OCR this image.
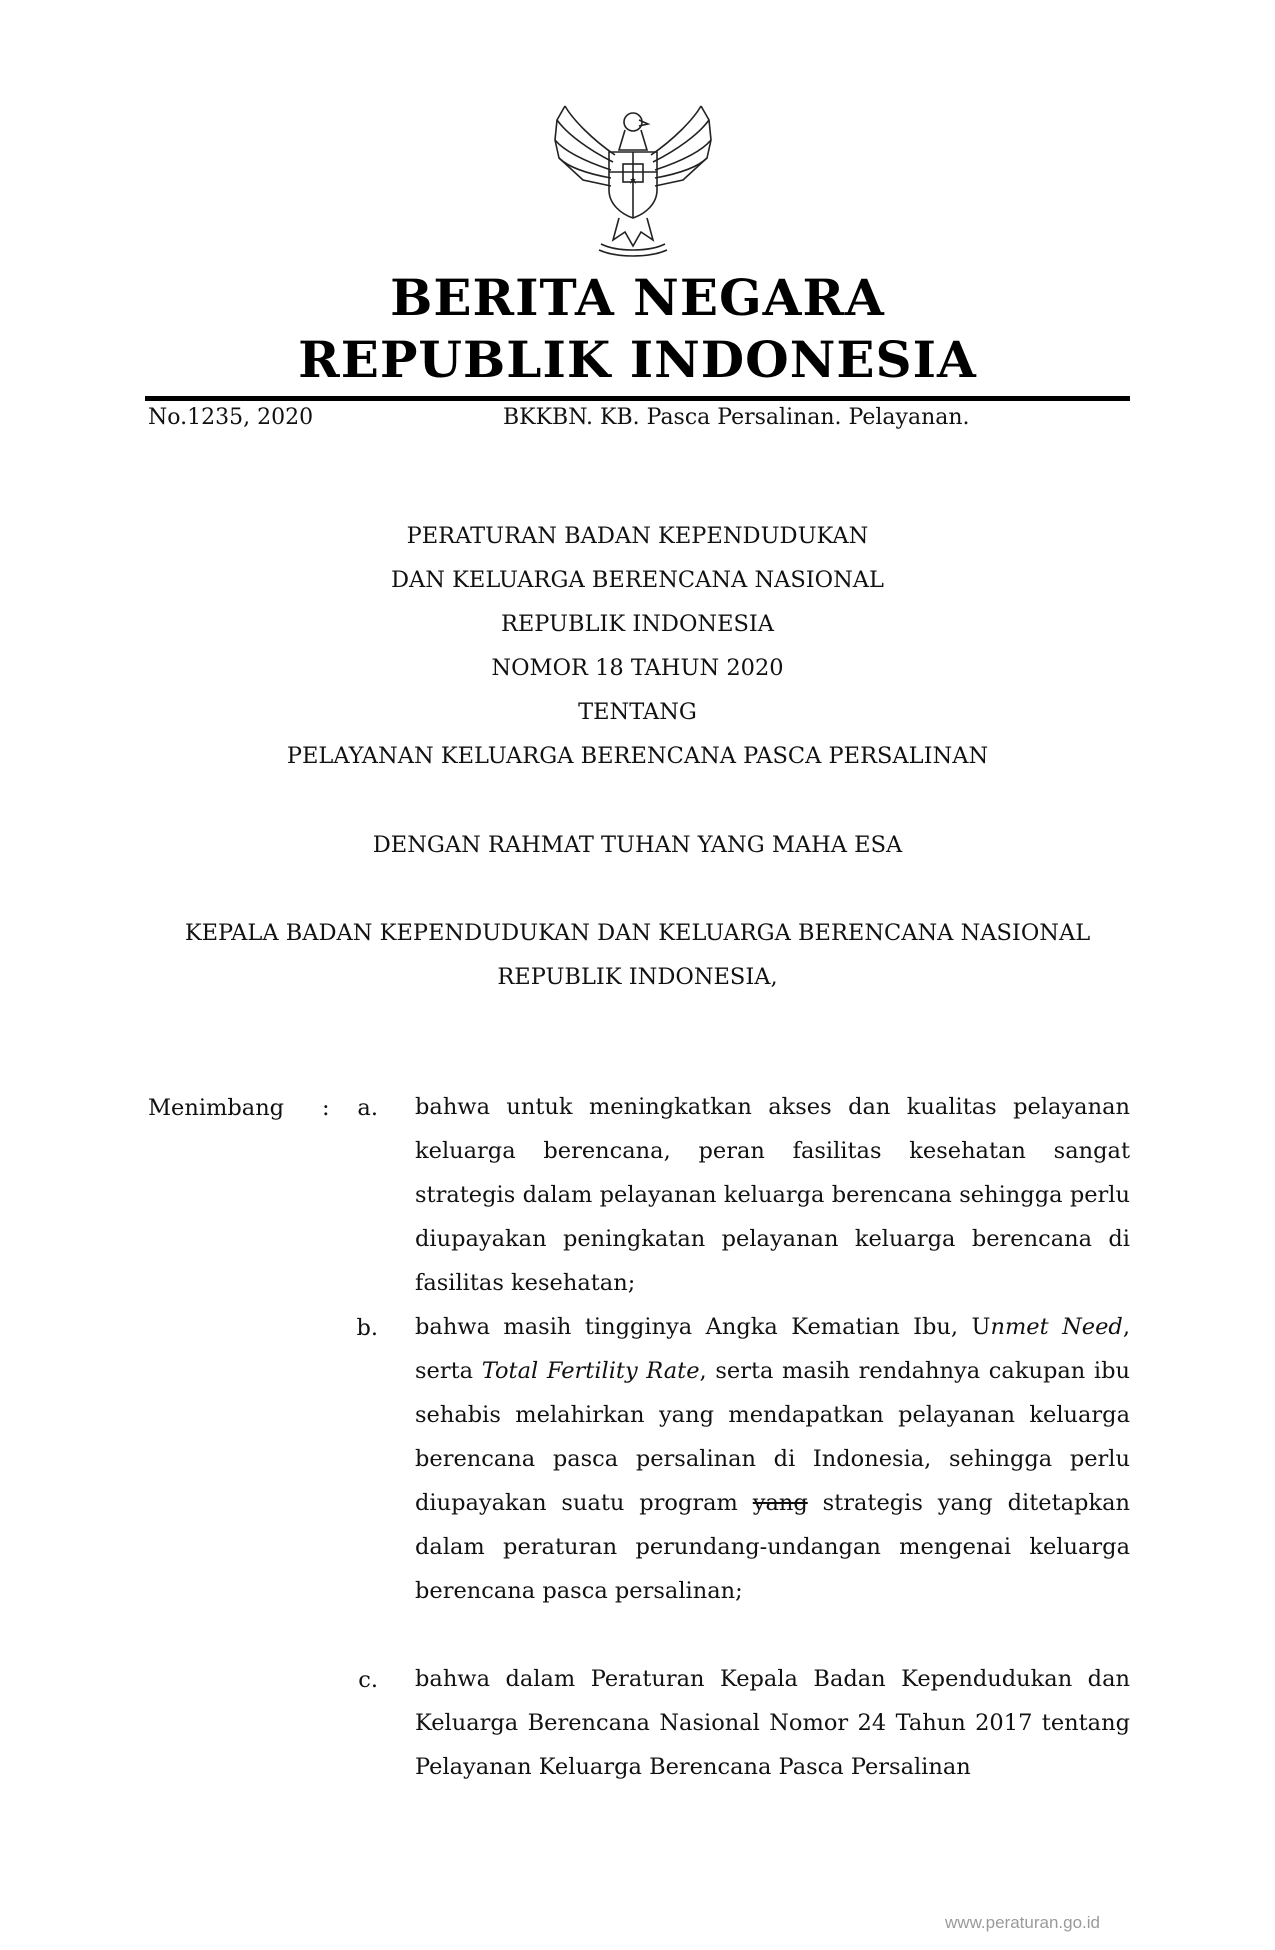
BERITA NEGARA
REPUBLIK INDONESIA
No.1235, 2020	BKKBN. KB. Pasca Persalinan. Pelayanan.
PERATURAN BADAN KEPENDUDUKAN
DAN KELUARGA BERENCANA NASIONAL
REPUBLIK INDONESIA
NOMOR 18 TAHUN 2020
TENTANG
PELAYANAN KELUARGA BERENCANA PASCA PERSALINAN
DENGAN RAHMAT TUHAN YANG MAHA ESA
KEPALA BADAN KEPENDUDUKAN DAN KELUARGA BERENCANA NASIONAL
REPUBLIK INDONESIA,
Menimbang :	a. bahwa untuk meningkatkan akses dan kualitas pelayanan keluarga berencana, peran fasilitas kesehatan sangat strategis dalam pelayanan keluarga berencana sehingga perlu diupayakan peningkatan pelayanan keluarga berencana di fasilitas kesehatan;

b. bahwa masih tingginya Angka Kematian Ibu, Unmet Need, serta Total Fertility Rate, serta masih rendahnya cakupan ibu sehabis melahirkan yang mendapatkan pelayanan keluarga berencana pasca persalinan di Indonesia, sehingga perlu diupayakan suatu program yang strategis yang ditetapkan dalam peraturan perundang-undangan mengenai keluarga berencana pasca persalinan;

c. bahwa dalam Peraturan Kepala Badan Kependudukan dan Keluarga Berencana Nasional Nomor 24 Tahun 2017 tentang Pelayanan Keluarga Berencana Pasca Persalinan

www.peraturan.go.id
